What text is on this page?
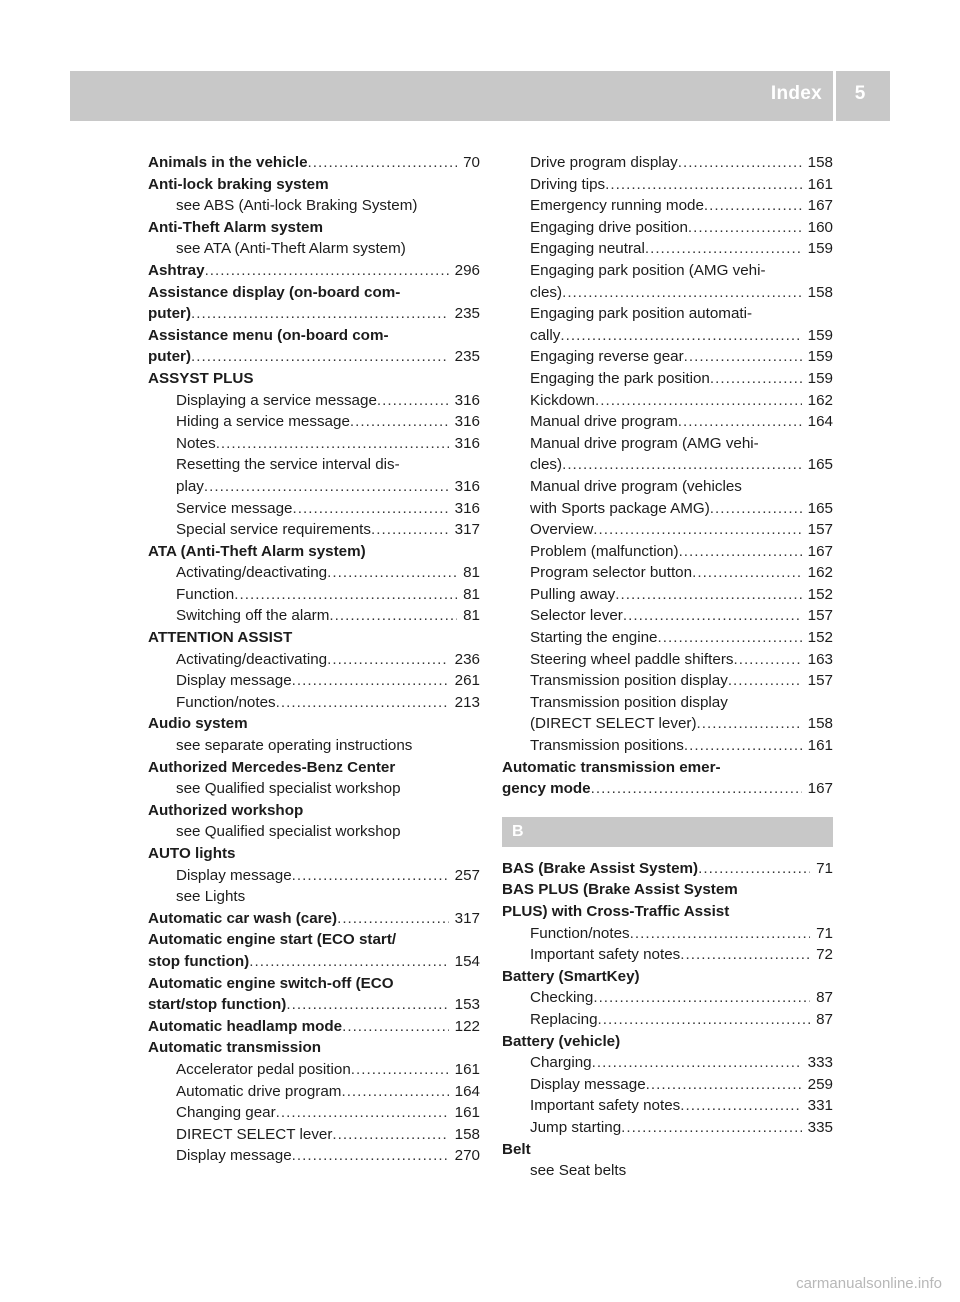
Index	5
Animals in the vehicle . . .	70
Anti-lock braking system
see ABS (Anti-lock Braking System)
Anti-Theft Alarm system
see ATA (Anti-Theft Alarm system)
Ashtray . . .	296
Assistance display (on-board com-
puter) . . .	235
Assistance menu (on-board com-
puter) . . .	235
ASSYST PLUS
Displaying a service message . . .	316
Hiding a service message . . .	316
Notes . . .	316
Resetting the service interval dis-
play . . .	316
Service message . . .	316
Special service requirements . . .	317
ATA (Anti-Theft Alarm system)
Activating/deactivating . . .	81
Function . . .	81
Switching off the alarm . . .	81
ATTENTION ASSIST
Activating/deactivating . . .	236
Display message . . .	261
Function/notes . . .	213
Audio system
see separate operating instructions
Authorized Mercedes-Benz Center
see Qualified specialist workshop
Authorized workshop
see Qualified specialist workshop
AUTO lights
Display message . . .	257
see Lights
Automatic car wash (care) . . .	317
Automatic engine start (ECO start/
stop function) . . .	154
Automatic engine switch-off (ECO
start/stop function) . . .	153
Automatic headlamp mode . . .	122
Automatic transmission
Accelerator pedal position . . .	161
Automatic drive program . . .	164
Changing gear . . .	161
DIRECT SELECT lever . . .	158
Display message . . .	270
Drive program display . . .	158
Driving tips . . .	161
Emergency running mode . . .	167
Engaging drive position . . .	160
Engaging neutral . . .	159
Engaging park position (AMG vehi-
cles) . . .	158
Engaging park position automati-
cally . . .	159
Engaging reverse gear . . .	159
Engaging the park position . . .	159
Kickdown . . .	162
Manual drive program . . .	164
Manual drive program (AMG vehi-
cles) . . .	165
Manual drive program (vehicles
with Sports package AMG) . . .	165
Overview . . .	157
Problem (malfunction) . . .	167
Program selector button . . .	162
Pulling away . . .	152
Selector lever . . .	157
Starting the engine . . .	152
Steering wheel paddle shifters . . .	163
Transmission position display . . .	157
Transmission position display
(DIRECT SELECT lever) . . .	158
Transmission positions . . .	161
Automatic transmission emer-
gency mode . . .	167
B
BAS (Brake Assist System) . . .	71
BAS PLUS (Brake Assist System
PLUS) with Cross-Traffic Assist
Function/notes . . .	71
Important safety notes . . .	72
Battery (SmartKey)
Checking . . .	87
Replacing . . .	87
Battery (vehicle)
Charging . . .	333
Display message . . .	259
Important safety notes . . .	331
Jump starting . . .	335
Belt
see Seat belts
carmanualsonline.info
